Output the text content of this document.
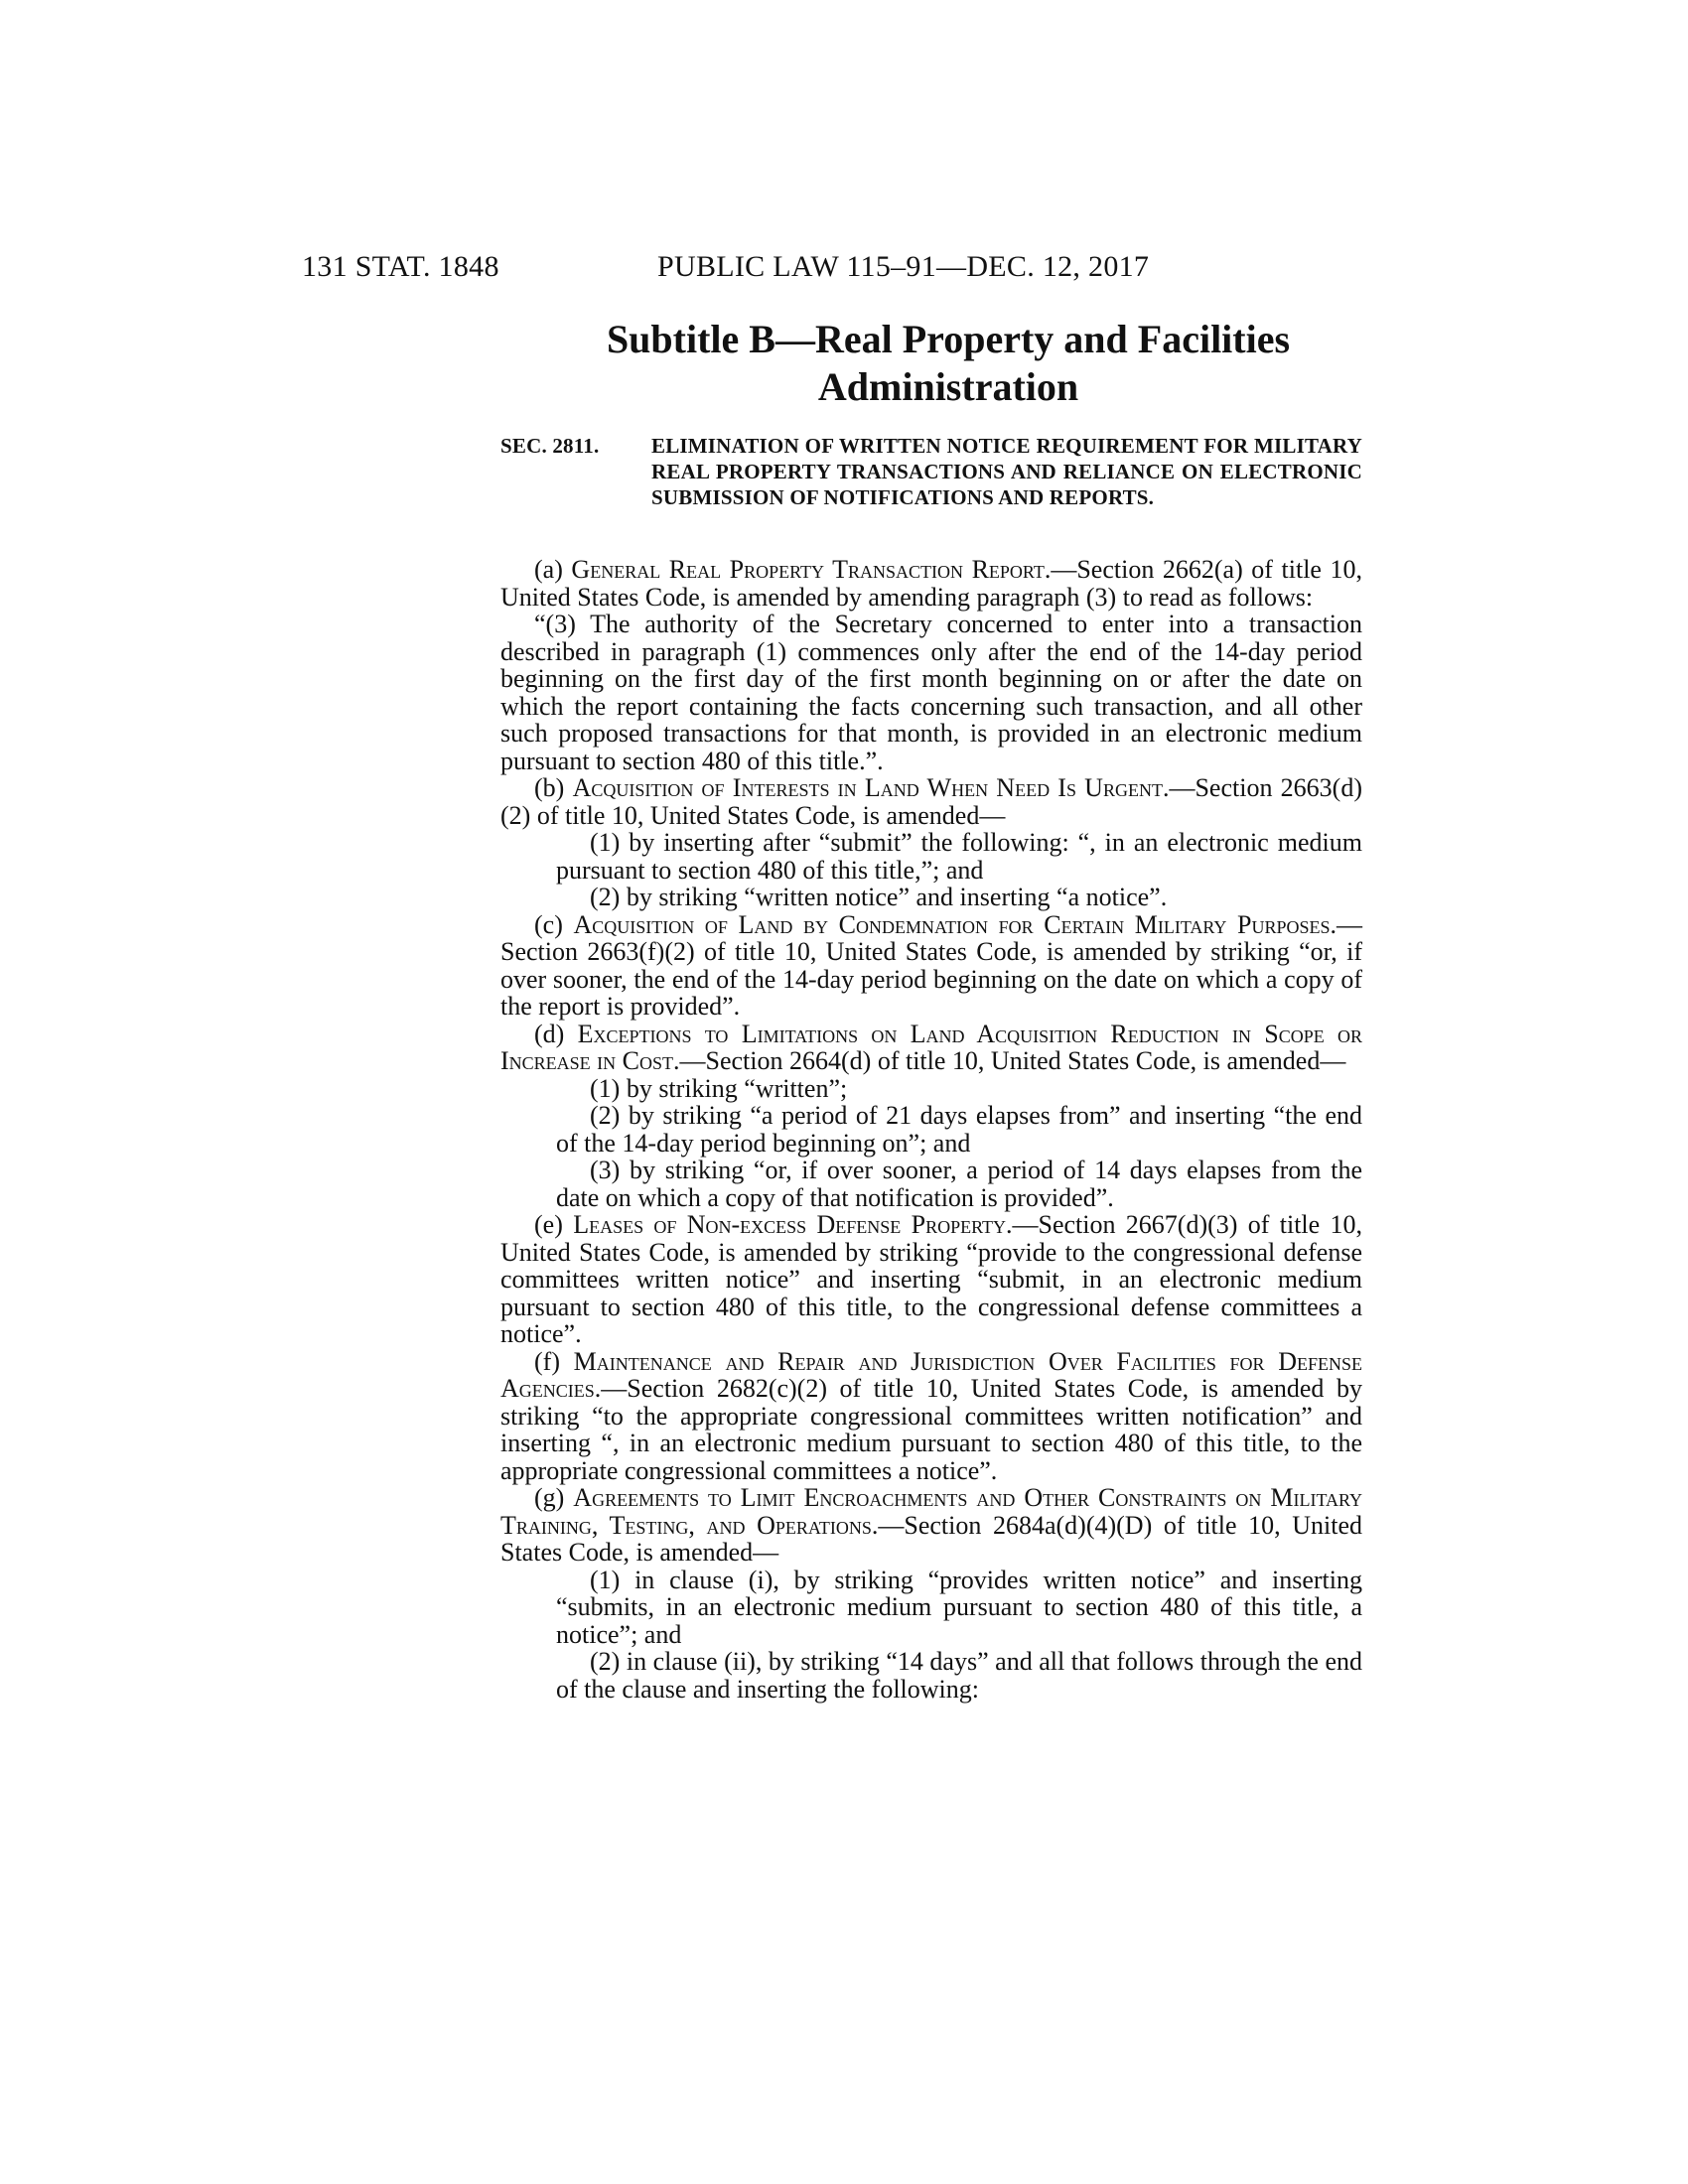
131 STAT. 1848	PUBLIC LAW 115–91—DEC. 12, 2017
Subtitle B—Real Property and Facilities Administration
SEC. 2811.	ELIMINATION OF WRITTEN NOTICE REQUIREMENT FOR MILITARY REAL PROPERTY TRANSACTIONS AND RELIANCE ON ELECTRONIC SUBMISSION OF NOTIFICATIONS AND REPORTS.
(a) General Real Property Transaction Report.—Section 2662(a) of title 10, United States Code, is amended by amending paragraph (3) to read as follows:
“(3) The authority of the Secretary concerned to enter into a transaction described in paragraph (1) commences only after the end of the 14-day period beginning on the first day of the first month beginning on or after the date on which the report containing the facts concerning such transaction, and all other such proposed transactions for that month, is provided in an electronic medium pursuant to section 480 of this title.”.
(b) Acquisition of Interests in Land When Need Is Urgent.—Section 2663(d)(2) of title 10, United States Code, is amended—
(1) by inserting after “submit” the following: “, in an electronic medium pursuant to section 480 of this title,”; and
(2) by striking “written notice” and inserting “a notice”.
(c) Acquisition of Land by Condemnation for Certain Military Purposes.—Section 2663(f)(2) of title 10, United States Code, is amended by striking “or, if over sooner, the end of the 14-day period beginning on the date on which a copy of the report is provided”.
(d) Exceptions to Limitations on Land Acquisition Reduction in Scope or Increase in Cost.—Section 2664(d) of title 10, United States Code, is amended—
(1) by striking “written”;
(2) by striking “a period of 21 days elapses from” and inserting “the end of the 14-day period beginning on”; and
(3) by striking “or, if over sooner, a period of 14 days elapses from the date on which a copy of that notification is provided”.
(e) Leases of Non-excess Defense Property.—Section 2667(d)(3) of title 10, United States Code, is amended by striking “provide to the congressional defense committees written notice” and inserting “submit, in an electronic medium pursuant to section 480 of this title, to the congressional defense committees a notice”.
(f) Maintenance and Repair and Jurisdiction Over Facilities for Defense Agencies.—Section 2682(c)(2) of title 10, United States Code, is amended by striking “to the appropriate congressional committees written notification” and inserting “, in an electronic medium pursuant to section 480 of this title, to the appropriate congressional committees a notice”.
(g) Agreements to Limit Encroachments and Other Constraints on Military Training, Testing, and Operations.—Section 2684a(d)(4)(D) of title 10, United States Code, is amended—
(1) in clause (i), by striking “provides written notice” and inserting “submits, in an electronic medium pursuant to section 480 of this title, a notice”; and
(2) in clause (ii), by striking “14 days” and all that follows through the end of the clause and inserting the following:
